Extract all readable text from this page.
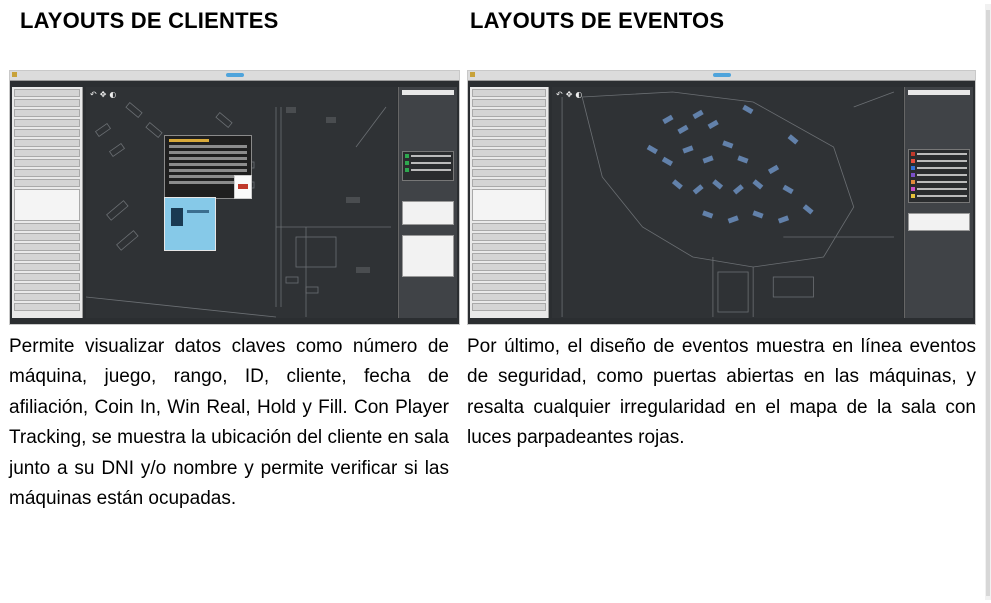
LAYOUTS DE CLIENTES
↶ ✥ ◐

Permite visualizar datos claves como número de máquina, juego, rango, ID, cliente, fecha de afiliación, Coin In, Win Real, Hold y Fill. Con Player Tracking, se muestra la ubicación del cliente en sala junto a su DNI y/o nombre y permite verificar si las máquinas están ocupadas.

LAYOUTS DE EVENTOS
↶ ✥ ◐

Por último, el diseño de eventos muestra en línea eventos de seguridad, como puertas abiertas en las máquinas, y resalta cualquier irregularidad en el mapa de la sala con luces parpadeantes rojas.
